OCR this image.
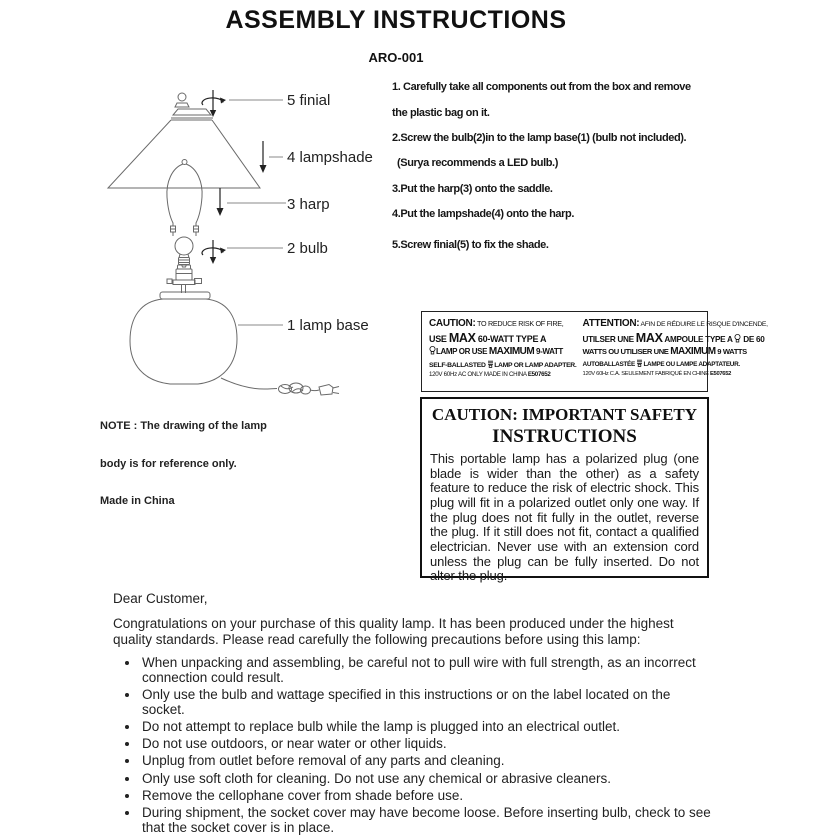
ASSEMBLY INSTRUCTIONS
ARO-001
5 finial
4 lampshade
3 harp
2 bulb
1 lamp base
1. Carefully take all components out from the box and remove
the plastic bag on it.
2.Screw the bulb(2)in to the lamp base(1) (bulb not included).
(Surya recommends a LED bulb.)
3.Put the harp(3) onto the saddle.
4.Put the lampshade(4) onto the harp.
5.Screw finial(5) to fix the shade.
NOTE : The drawing of the lamp
body is for reference only.
Made in China
CAUTION: TO REDUCE RISK OF FIRE,
USE MAX 60-WATT TYPE A
LAMP OR USE MAXIMUM 9-WATT
SELF-BALLASTED LAMP OR LAMP ADAPTER.
120V 60Hz AC ONLY MADE IN CHINA E507652
ATTENTION: AFIN DE RÉDUIRE LE RISQUE D'INCENDE,
UTILSER UNE MAX AMPOULE TYPE A  DE 60
WATTS OU UTILISER UNE MAXIMUM 9 WATTS
AUTOBALLASTÉE LAMPE OU LAMPE ADAPTATEUR.
120V 60Hz C.A. SEULEMENT FABRIQUÉ EN CHINE E507652
CAUTION: IMPORTANT SAFETY
INSTRUCTIONS
This portable lamp has a polarized plug (one blade is wider than the other) as a safety feature to reduce the risk of electric shock. This plug will fit in a polarized outlet only one way. If the plug does not fit fully in the outlet, reverse the plug. If it still does not fit, contact a qualified electrician. Never use with an extension cord unless the plug can be fully inserted. Do not alter the plug.
Dear Customer,

Congratulations on your purchase of this quality lamp. It has been produced under the highest quality standards. Please read carefully the following precautions before using this lamp:

• When unpacking and assembling, be careful not to pull wire with full strength, as an incorrect connection could result.
• Only use the bulb and wattage specified in this instructions or on the label located on the socket.
• Do not attempt to replace bulb while the lamp is plugged into an electrical outlet.
• Do not use outdoors, or near water or other liquids.
• Unplug from outlet before removal of any parts and cleaning.
• Only use soft cloth for cleaning. Do not use any chemical or abrasive cleaners.
• Remove the cellophane cover from shade before use.
• During shipment, the socket cover may have become loose. Before inserting bulb, check to see that the socket cover is in place.
